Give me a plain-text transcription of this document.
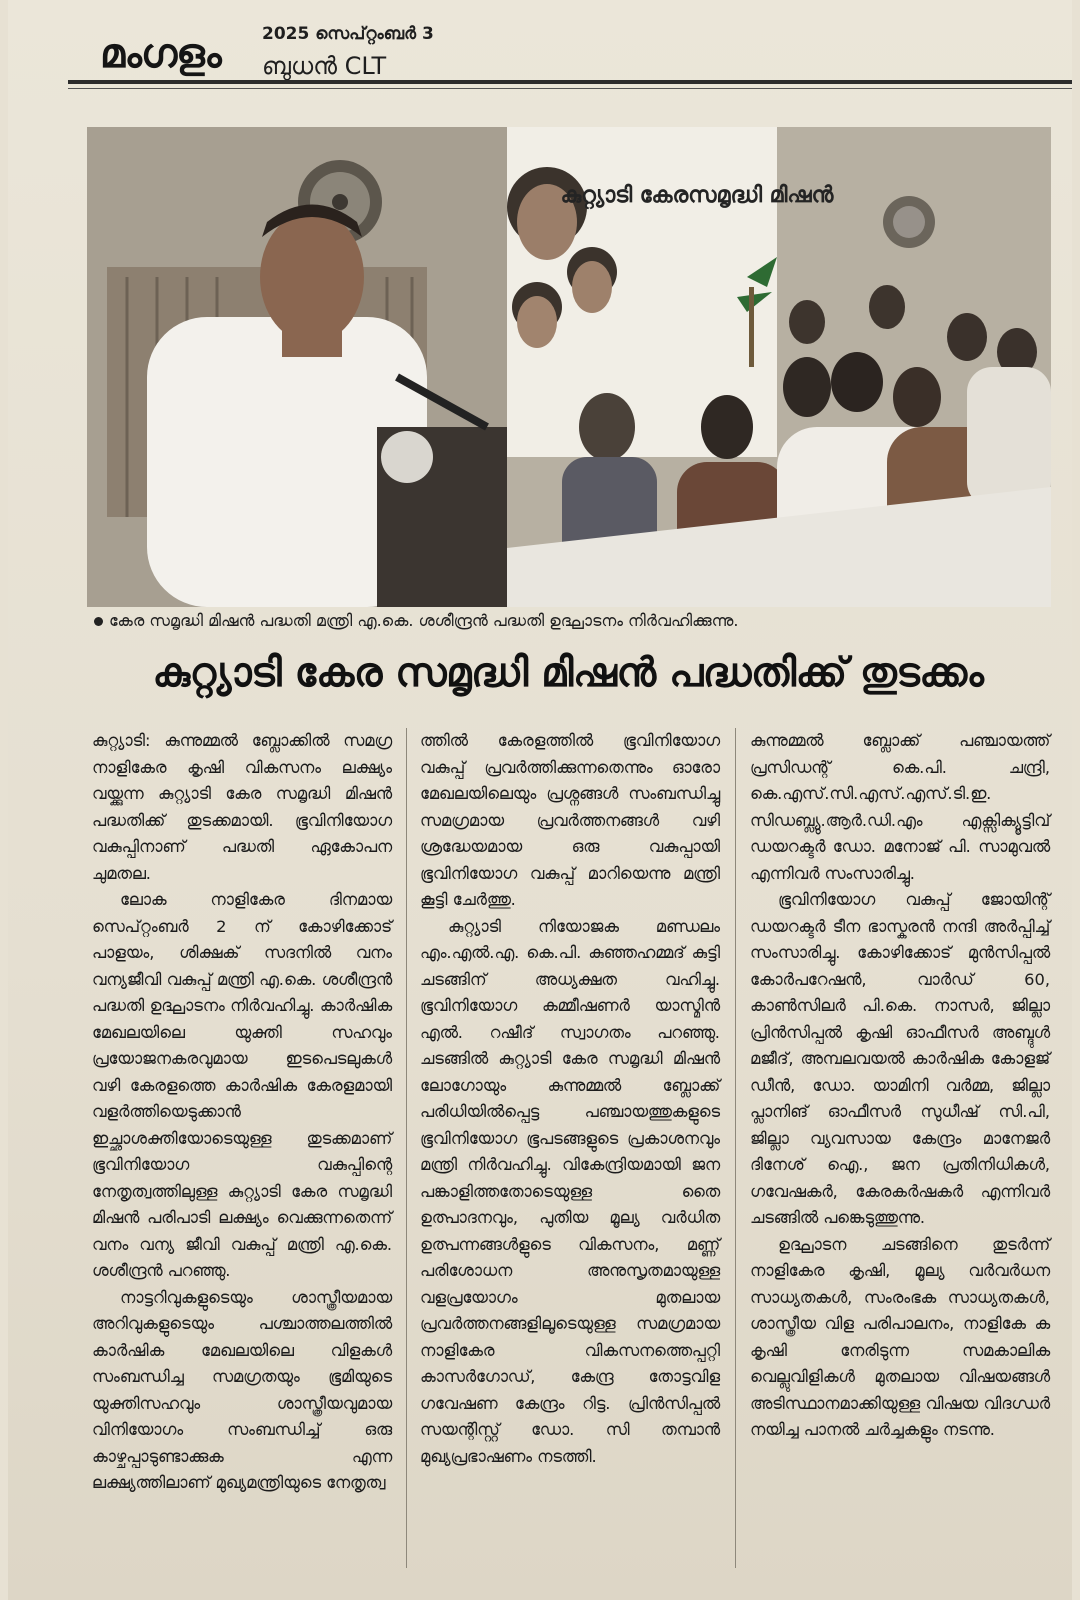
മംഗളം 2025 സെപ്റ്റംബർ 3
ബുധൻ CLT
കുറ്റ്യാടി കേരസമൃദ്ധി മിഷൻ
കേര സമൃദ്ധി മിഷൻ പദ്ധതി മന്ത്രി എ.കെ. ശശീന്ദ്രൻ പദ്ധതി ഉദ്ഘാടനം നിർവഹിക്കുന്നു.
കുറ്റ്യാടി കേര സമൃദ്ധി മിഷൻ പദ്ധതിക്ക് തുടക്കം

കുറ്റ്യാടി: കുന്നുമ്മൽ ബ്ലോക്കിൽ സമഗ്ര നാളികേര കൃഷി വികസനം ലക്ഷ്യം വയ്ക്കുന്ന കുറ്റ്യാടി കേര സമൃദ്ധി മിഷൻ പദ്ധതിക്ക് തുടക്കമായി. ഭൂവിനിയോഗ വകുപ്പിനാണ് പദ്ധതി ഏകോപന ചുമതല.

ലോക നാളികേര ദിനമായ സെപ്റ്റംബർ 2 ന് കോഴിക്കോട് പാളയം, ശിക്ഷക് സദനിൽ വനം വന്യജീവി വകുപ്പ് മന്ത്രി എ.കെ. ശശീന്ദ്രൻ പദ്ധതി ഉദ്ഘാടനം നിർവഹിച്ചു. കാർഷിക മേഖലയിലെ യുക്തി സഹവും പ്രയോജനകരവുമായ ഇടപെടലുകൾ വഴി കേരളത്തെ കാർഷിക കേരളമായി വളർത്തിയെടുക്കാൻ ഇച്ഛാശക്തിയോടെയുള്ള തുടക്കമാണ് ഭൂവിനിയോഗ വകുപ്പിന്റെ നേതൃത്വത്തിലുള്ള കുറ്റ്യാടി കേര സമൃദ്ധി മിഷൻ പരിപാടി ലക്ഷ്യം വെക്കുന്നതെന്ന് വനം വന്യ ജീവി വകുപ്പ് മന്ത്രി എ.കെ. ശശീന്ദ്രൻ പറഞ്ഞു.

നാട്ടറിവുകളുടെയും ശാസ്ത്രീയമായ അറിവുകളുടെയും പശ്ചാത്തലത്തിൽ കാർഷിക മേഖലയിലെ വിളകൾ സംബന്ധിച്ച സമഗ്രതയും ഭൂമിയുടെ യുക്തിസഹവും ശാസ്ത്രീയവുമായ വിനിയോഗം സംബന്ധിച്ച് ഒരു കാഴ്ചപ്പാടുണ്ടാക്കുക എന്ന ലക്ഷ്യത്തിലാണ് മുഖ്യമന്ത്രിയുടെ നേതൃത്വ

ത്തിൽ കേരളത്തിൽ ഭൂവിനിയോഗ വകുപ്പ് പ്രവർത്തിക്കുന്നതെന്നും ഓരോ മേഖലയിലെയും പ്രശ്നങ്ങൾ സംബന്ധിച്ചു സമഗ്രമായ പ്രവർത്തനങ്ങൾ വഴി ശ്രദ്ധേയമായ ഒരു വകുപ്പായി ഭൂവിനിയോഗ വകുപ്പ് മാറിയെന്നു മന്ത്രി കൂട്ടി ചേർത്തു.

കുറ്റ്യാടി നിയോജക മണ്ഡലം എം.എൽ.എ. കെ.പി. കുഞ്ഞഹമ്മദ് കുട്ടി ചടങ്ങിന് അധ്യക്ഷത വഹിച്ചു. ഭൂവിനിയോഗ കമ്മീഷണർ യാസ്മിൻ എൽ. റഷീദ് സ്വാഗതം പറഞ്ഞു. ചടങ്ങിൽ കുറ്റ്യാടി കേര സമൃദ്ധി മിഷൻ ലോഗോയും കുന്നുമ്മൽ ബ്ലോക്ക് പരിധിയിൽപ്പെട്ട പഞ്ചായത്തുകളുടെ ഭൂവിനിയോഗ ഭൂപടങ്ങളുടെ പ്രകാശനവും മന്ത്രി നിർവഹിച്ചു. വികേന്ദ്രിയമായി ജന പങ്കാളിത്തതോടെയുള്ള തൈ ഉത്പാദനവും, പുതിയ മൂല്യ വർധിത ഉത്പന്നങ്ങൾളുടെ വികസനം, മണ്ണ് പരിശോധന അനുസൃതമായുള്ള വളപ്രയോഗം മുതലായ പ്രവർത്തനങ്ങളിലൂടെയുള്ള സമഗ്രമായ നാളികേര വികസനത്തെപ്പറ്റി കാസർഗോഡ്, കേന്ദ്ര തോട്ടവിള ഗവേഷണ കേന്ദ്രം റിട്ട. പ്രിൻസിപ്പൽ സയന്റിസ്റ്റ് ഡോ. സി തമ്പാൻ മുഖ്യപ്രഭാഷണം നടത്തി.

കുന്നുമ്മൽ ബ്ലോക്ക് പഞ്ചായത്ത് പ്രസിഡന്റ് കെ.പി. ചന്ദ്രി, കെ.എസ്.സി.എസ്.എസ്.ടി.ഇ. സിഡബ്ല്യു.ആർ.ഡി.എം എക്സിക്യൂട്ടിവ് ഡയറക്ടർ ഡോ. മനോജ് പി. സാമുവൽ എന്നിവർ സംസാരിച്ചു.

ഭൂവിനിയോഗ വകുപ്പ് ജോയിന്റ് ഡയറക്ടർ ടീന ഭാസ്കരൻ നന്ദി അർപ്പിച്ച് സംസാരിച്ചു. കോഴിക്കോട് മുൻസിപ്പൽ കോർപറേഷൻ, വാർഡ് 60, കാൺസിലർ പി.കെ. നാസർ, ജില്ലാ പ്രിൻസിപ്പൽ കൃഷി ഓഫീസർ അബ്ദുൾ മജീദ്, അമ്പലവയൽ കാർഷിക കോളജ് ഡീൻ, ഡോ. യാമിനി വർമ്മ, ജില്ലാ പ്ലാനിങ് ഓഫീസർ സുധീഷ് സി.പി, ജില്ലാ വ്യവസായ കേന്ദ്രം മാനേജർ ദിനേശ് ഐ., ജന പ്രതിനിധികൾ, ഗവേഷകർ, കേരകർഷകർ എന്നിവർ ചടങ്ങിൽ പങ്കെടുത്തുന്നു.

ഉദ്ഘാടന ചടങ്ങിനെ തുടർന്ന് നാളികേര കൃഷി, മൂല്യ വർവർധന സാധ്യതകൾ, സംരംഭക സാധ്യതകൾ, ശാസ്ത്രീയ വിള പരിപാലനം, നാളികേ ക കൃഷി നേരിടുന്ന സമകാലിക വെല്ലുവിളികൾ മുതലായ വിഷയങ്ങൾ അടിസ്ഥാനമാക്കിയുള്ള വിഷയ വിദഗ്ധർ നയിച്ച പാനൽ ചർച്ചകളും നടന്നു.
